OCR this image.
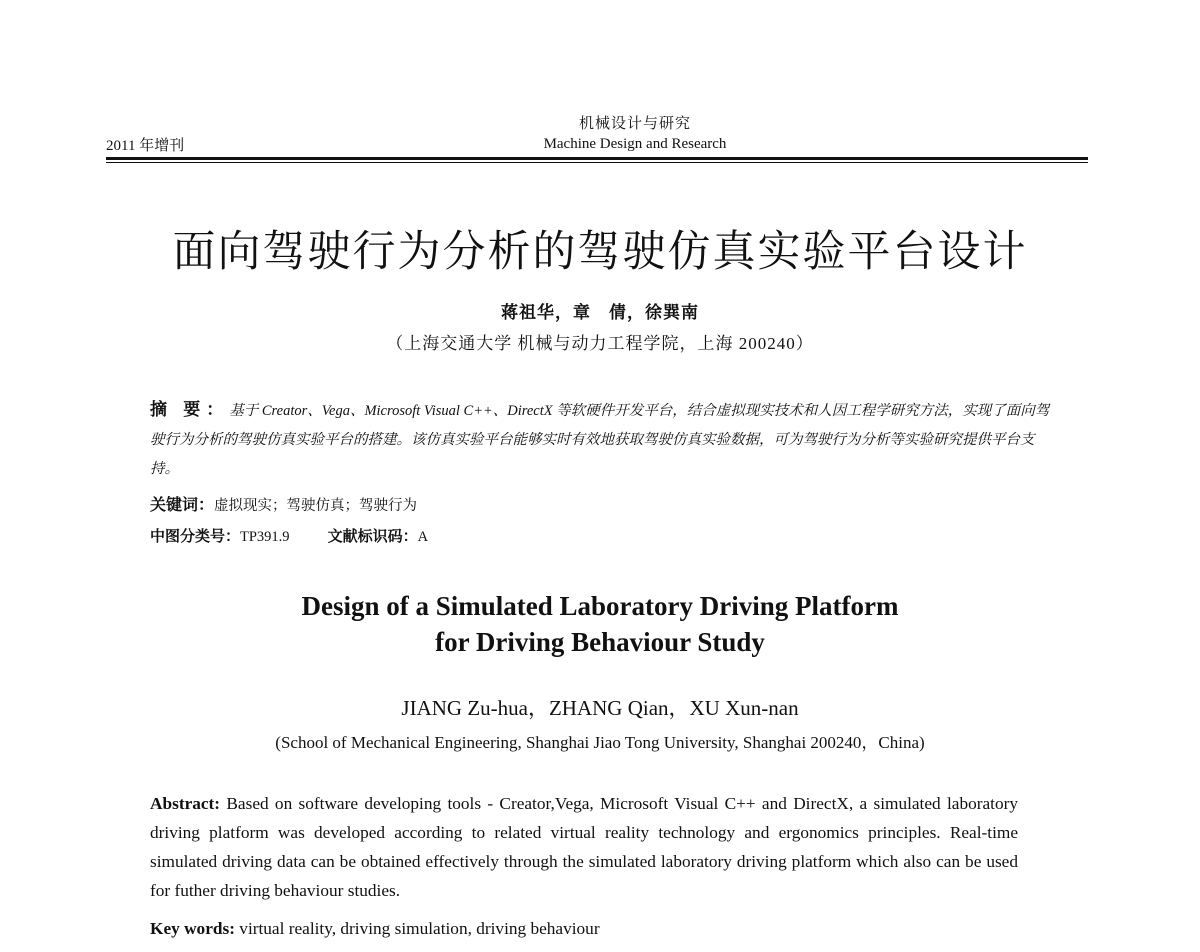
机械设计与研究
2011 年增刊	Machine Design and Research
面向驾驶行为分析的驾驶仿真实验平台设计
蒋祖华，章　倩，徐巽南
（上海交通大学 机械与动力工程学院，上海 200240）

摘 要：基于 Creator、Vega、Microsoft Visual C++、DirectX 等软硬件开发平台，结合虚拟现实技术和人因工程学研究方法，实现了面向驾驶行为分析的驾驶仿真实验平台的搭建。该仿真实验平台能够实时有效地获取驾驶仿真实验数据，可为驾驶行为分析等实验研究提供平台支持。

关键词：虚拟现实；驾驶仿真；驾驶行为
中图分类号：TP391.9	文献标识码：A
Design of a Simulated Laboratory Driving Platform
for Driving Behaviour Study
JIANG Zu-hua，ZHANG Qian，XU Xun-nan
(School of Mechanical Engineering, Shanghai Jiao Tong University, Shanghai 200240，China)

Abstract: Based on software developing tools - Creator,Vega, Microsoft Visual C++ and DirectX, a simulated laboratory driving platform was developed according to related virtual reality technology and ergonomics principles. Real-time simulated driving data can be obtained effectively through the simulated laboratory driving platform which also can be used for futher driving behaviour studies.

Key words: virtual reality, driving simulation, driving behaviour
